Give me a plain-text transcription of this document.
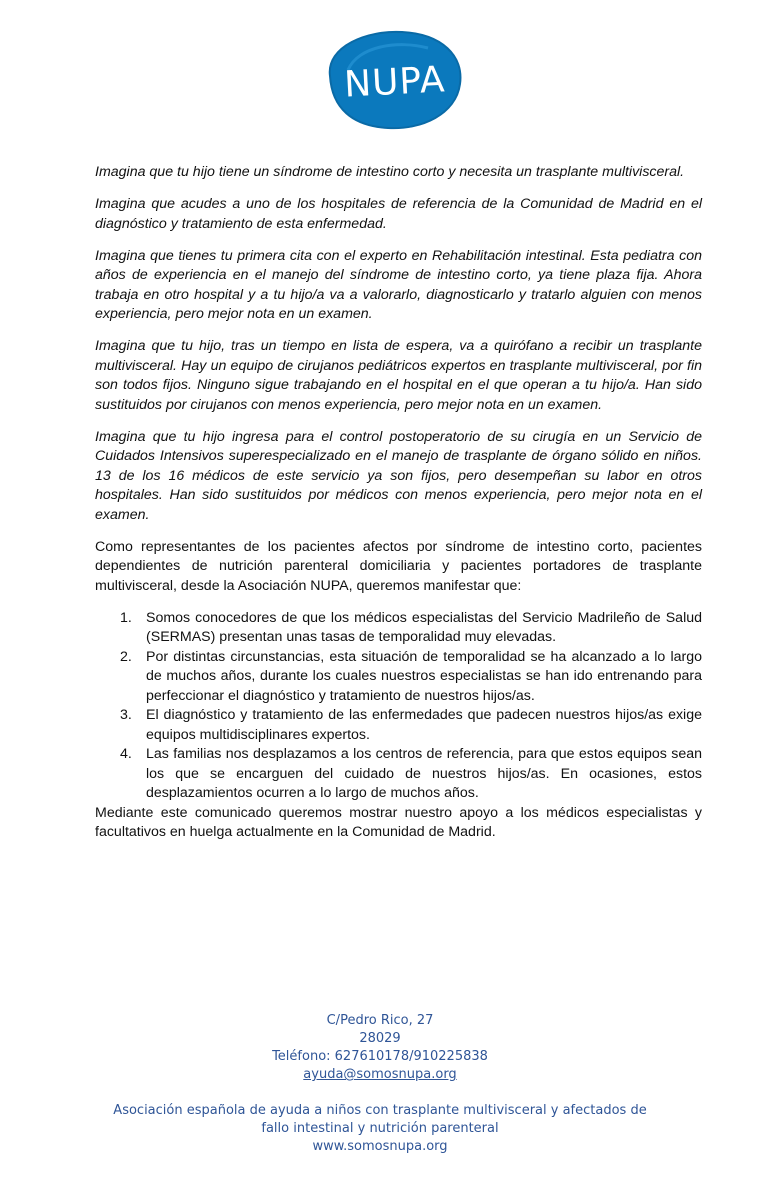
NUPA

Imagina que tu hijo tiene un síndrome de intestino corto y necesita un trasplante multivisceral.

Imagina que acudes a uno de los hospitales de referencia de la Comunidad de Madrid en el diagnóstico y tratamiento de esta enfermedad.

Imagina que tienes tu primera cita con el experto en Rehabilitación intestinal. Esta pediatra con años de experiencia en el manejo del síndrome de intestino corto, ya tiene plaza fija. Ahora trabaja en otro hospital y a tu hijo/a va a valorarlo, diagnosticarlo y tratarlo alguien con menos experiencia, pero mejor nota en un examen.

Imagina que tu hijo, tras un tiempo en lista de espera, va a quirófano a recibir un trasplante multivisceral. Hay un equipo de cirujanos pediátricos expertos en trasplante multivisceral, por fin son todos fijos. Ninguno sigue trabajando en el hospital en el que operan a tu hijo/a. Han sido sustituidos por cirujanos con menos experiencia, pero mejor nota en un examen.

Imagina que tu hijo ingresa para el control postoperatorio de su cirugía en un Servicio de Cuidados Intensivos superespecializado en el manejo de trasplante de órgano sólido en niños. 13 de los 16 médicos de este servicio ya son fijos, pero desempeñan su labor en otros hospitales. Han sido sustituidos por médicos con menos experiencia, pero mejor nota en el examen.

Como representantes de los pacientes afectos por síndrome de intestino corto, pacientes dependientes de nutrición parenteral domiciliaria y pacientes portadores de trasplante multivisceral, desde la Asociación NUPA, queremos manifestar que:

1. Somos conocedores de que los médicos especialistas del Servicio Madrileño de Salud (SERMAS) presentan unas tasas de temporalidad muy elevadas.
2. Por distintas circunstancias, esta situación de temporalidad se ha alcanzado a lo largo de muchos años, durante los cuales nuestros especialistas se han ido entrenando para perfeccionar el diagnóstico y tratamiento de nuestros hijos/as.
3. El diagnóstico y tratamiento de las enfermedades que padecen nuestros hijos/as exige equipos multidisciplinares expertos.
4. Las familias nos desplazamos a los centros de referencia, para que estos equipos sean los que se encarguen del cuidado de nuestros hijos/as. En ocasiones, estos desplazamientos ocurren a lo largo de muchos años.

Mediante este comunicado queremos mostrar nuestro apoyo a los médicos especialistas y facultativos en huelga actualmente en la Comunidad de Madrid.

C/Pedro Rico, 27
28029
Teléfono: 627610178/910225838
ayuda@somosnupa.org
Asociación española de ayuda a niños con trasplante multivisceral y afectados de
fallo intestinal y nutrición parenteral
www.somosnupa.org
